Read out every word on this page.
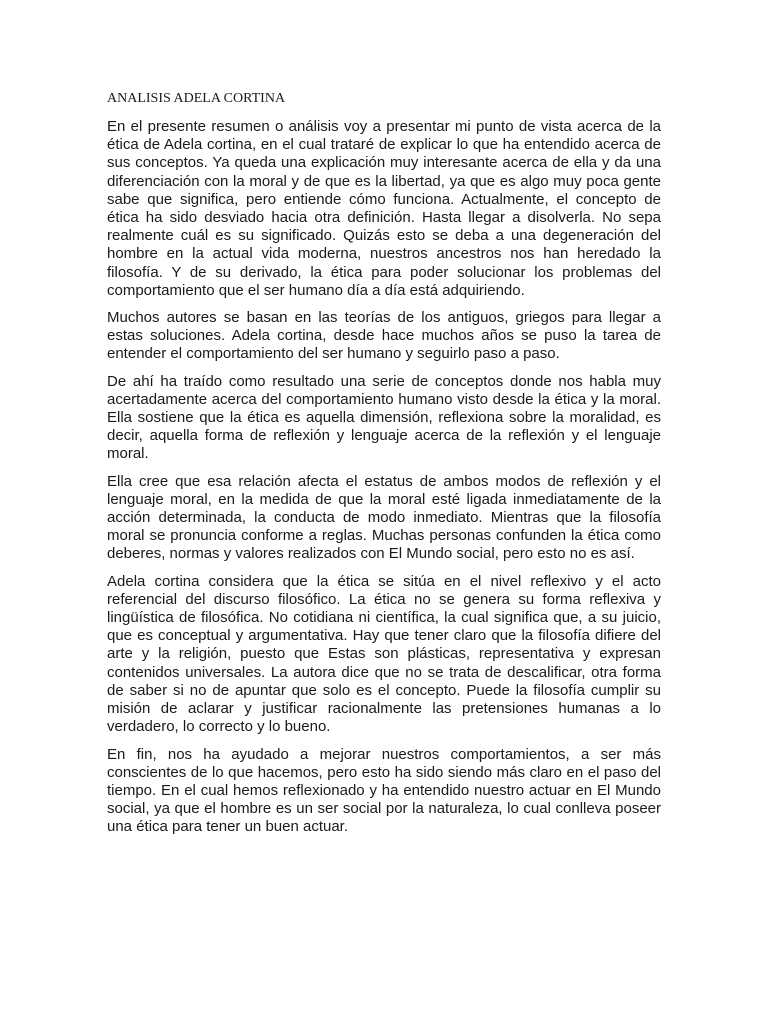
ANALISIS ADELA CORTINA

En el presente resumen o análisis voy a presentar mi punto de vista acerca de la ética de Adela cortina, en el cual trataré de explicar lo que ha entendido acerca de sus conceptos. Ya queda una explicación muy interesante acerca de ella y da una diferenciación con la moral y de que es la libertad, ya que es algo muy poca gente sabe que significa, pero entiende cómo funciona. Actualmente, el concepto de ética ha sido desviado hacia otra definición. Hasta llegar a disolverla. No sepa realmente cuál es su significado. Quizás esto se deba a una degeneración del hombre en la actual vida moderna, nuestros ancestros nos han heredado la filosofía. Y de su derivado, la ética para poder solucionar los problemas del comportamiento que el ser humano día a día está adquiriendo.

Muchos autores se basan en las teorías de los antiguos, griegos para llegar a estas soluciones. Adela cortina, desde hace muchos años se puso la tarea de entender el comportamiento del ser humano y seguirlo paso a paso.

De ahí ha traído como resultado una serie de conceptos donde nos habla muy acertadamente acerca del comportamiento humano visto desde la ética y la moral. Ella sostiene que la ética es aquella dimensión, reflexiona sobre la moralidad, es decir, aquella forma de reflexión y lenguaje acerca de la reflexión y el lenguaje moral.

Ella cree que esa relación afecta el estatus de ambos modos de reflexión y el lenguaje moral, en la medida de que la moral esté ligada inmediatamente de la acción determinada, la conducta de modo inmediato. Mientras que la filosofía moral se pronuncia conforme a reglas. Muchas personas confunden la ética como deberes, normas y valores realizados con El Mundo social, pero esto no es así.

Adela cortina considera que la ética se sitúa en el nivel reflexivo y el acto referencial del discurso filosófico. La ética no se genera su forma reflexiva y lingüística de filosófica. No cotidiana ni científica, la cual significa que, a su juicio, que es conceptual y argumentativa. Hay que tener claro que la filosofía difiere del arte y la religión, puesto que Estas son plásticas, representativa y expresan contenidos universales. La autora dice que no se trata de descalificar, otra forma de saber si no de apuntar que solo es el concepto. Puede la filosofía cumplir su misión de aclarar y justificar racionalmente las pretensiones humanas a lo verdadero, lo correcto y lo bueno.

En fin, nos ha ayudado a mejorar nuestros comportamientos, a ser más conscientes de lo que hacemos, pero esto ha sido siendo más claro en el paso del tiempo. En el cual hemos reflexionado y ha entendido nuestro actuar en El Mundo social, ya que el hombre es un ser social por la naturaleza, lo cual conlleva poseer una ética para tener un buen actuar.
